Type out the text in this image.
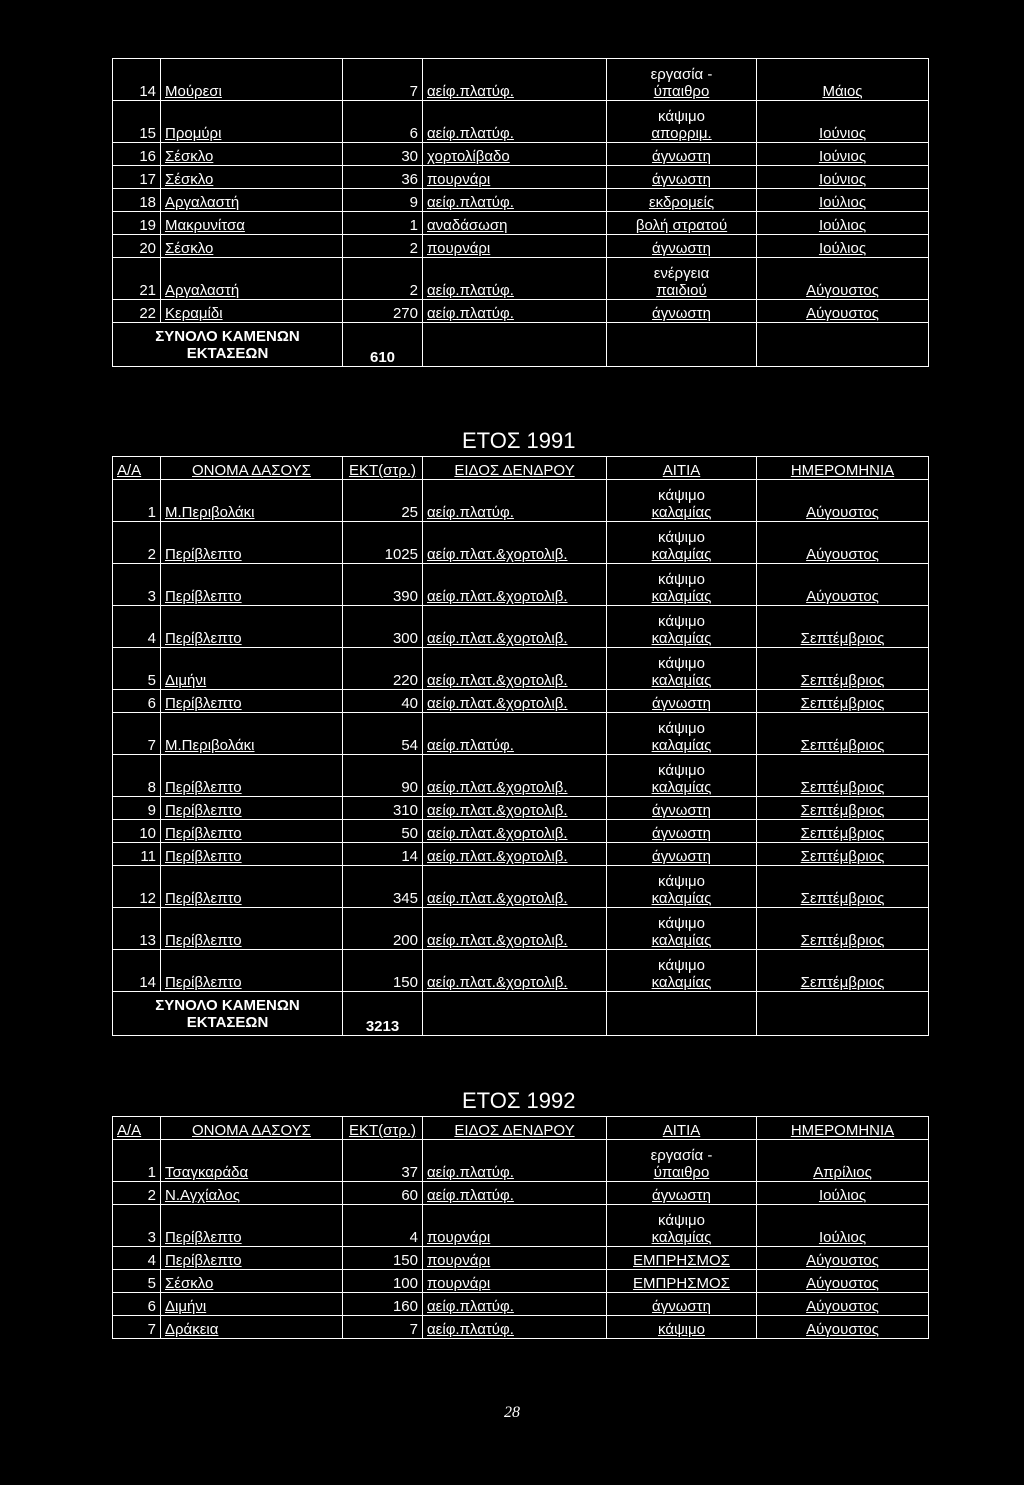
14	Μούρεσι	7	αείφ.πλατύφ.	εργασία -
ύπαιθρο	Μάιος
15	Προμύρι	6	αείφ.πλατύφ.	κάψιμο
απορριμ.	Ιούνιος
16	Σέσκλο	30	χορτολίβαδο	άγνωστη	Ιούνιος
17	Σέσκλο	36	πουρνάρι	άγνωστη	Ιούνιος
18	Αργαλαστή	9	αείφ.πλατύφ.	εκδρομείς	Ιούλιος
19	Μακρυνίτσα	1	αναδάσωση	βολή στρατού	Ιούλιος
20	Σέσκλο	2	πουρνάρι	άγνωστη	Ιούλιος
21	Αργαλαστή	2	αείφ.πλατύφ.	ενέργεια
παιδιού	Αύγουστος
22	Κεραμίδι	270	αείφ.πλατύφ.	άγνωστη	Αύγουστος
ΣΥΝΟΛΟ ΚΑΜΕΝΩΝ
ΕΚΤΑΣΕΩΝ		610			
ΕΤΟΣ 1991
Α/Α	ΟΝΟΜΑ ΔΑΣΟΥΣ	ΕΚΤ(στρ.)	ΕΙΔΟΣ ΔΕΝΔΡΟΥ	ΑΙΤΙΑ	ΗΜΕΡΟΜΗΝΙΑ
1	Μ.Περιβολάκι	25	αείφ.πλατύφ.	κάψιμο
καλαμίας	Αύγουστος
2	Περίβλεπτο	1025	αείφ.πλατ.&χορτολιβ.	κάψιμο
καλαμίας	Αύγουστος
3	Περίβλεπτο	390	αείφ.πλατ.&χορτολιβ.	κάψιμο
καλαμίας	Αύγουστος
4	Περίβλεπτο	300	αείφ.πλατ.&χορτολιβ.	κάψιμο
καλαμίας	Σεπτέμβριος
5	Διμήνι	220	αείφ.πλατ.&χορτολιβ.	κάψιμο
καλαμίας	Σεπτέμβριος
6	Περίβλεπτο	40	αείφ.πλατ.&χορτολιβ.	άγνωστη	Σεπτέμβριος
7	Μ.Περιβολάκι	54	αείφ.πλατύφ.	κάψιμο
καλαμίας	Σεπτέμβριος
8	Περίβλεπτο	90	αείφ.πλατ.&χορτολιβ.	κάψιμο
καλαμίας	Σεπτέμβριος
9	Περίβλεπτο	310	αείφ.πλατ.&χορτολιβ.	άγνωστη	Σεπτέμβριος
10	Περίβλεπτο	50	αείφ.πλατ.&χορτολιβ.	άγνωστη	Σεπτέμβριος
11	Περίβλεπτο	14	αείφ.πλατ.&χορτολιβ.	άγνωστη	Σεπτέμβριος
12	Περίβλεπτο	345	αείφ.πλατ.&χορτολιβ.	κάψιμο
καλαμίας	Σεπτέμβριος
13	Περίβλεπτο	200	αείφ.πλατ.&χορτολιβ.	κάψιμο
καλαμίας	Σεπτέμβριος
14	Περίβλεπτο	150	αείφ.πλατ.&χορτολιβ.	κάψιμο
καλαμίας	Σεπτέμβριος
ΣΥΝΟΛΟ ΚΑΜΕΝΩΝ
ΕΚΤΑΣΕΩΝ		3213			
ΕΤΟΣ 1992
Α/Α	ΟΝΟΜΑ ΔΑΣΟΥΣ	ΕΚΤ(στρ.)	ΕΙΔΟΣ ΔΕΝΔΡΟΥ	ΑΙΤΙΑ	ΗΜΕΡΟΜΗΝΙΑ
1	Τσαγκαράδα	37	αείφ.πλατύφ.	εργασία -
ύπαιθρο	Απρίλιος
2	Ν.Αγχίαλος	60	αείφ.πλατύφ.	άγνωστη	Ιούλιος
3	Περίβλεπτο	4	πουρνάρι	κάψιμο
καλαμίας	Ιούλιος
4	Περίβλεπτο	150	πουρνάρι	ΕΜΠΡΗΣΜΟΣ	Αύγουστος
5	Σέσκλο	100	πουρνάρι	ΕΜΠΡΗΣΜΟΣ	Αύγουστος
6	Διμήνι	160	αείφ.πλατύφ.	άγνωστη	Αύγουστος
7	Δράκεια	7	αείφ.πλατύφ.	κάψιμο	Αύγουστος
28
